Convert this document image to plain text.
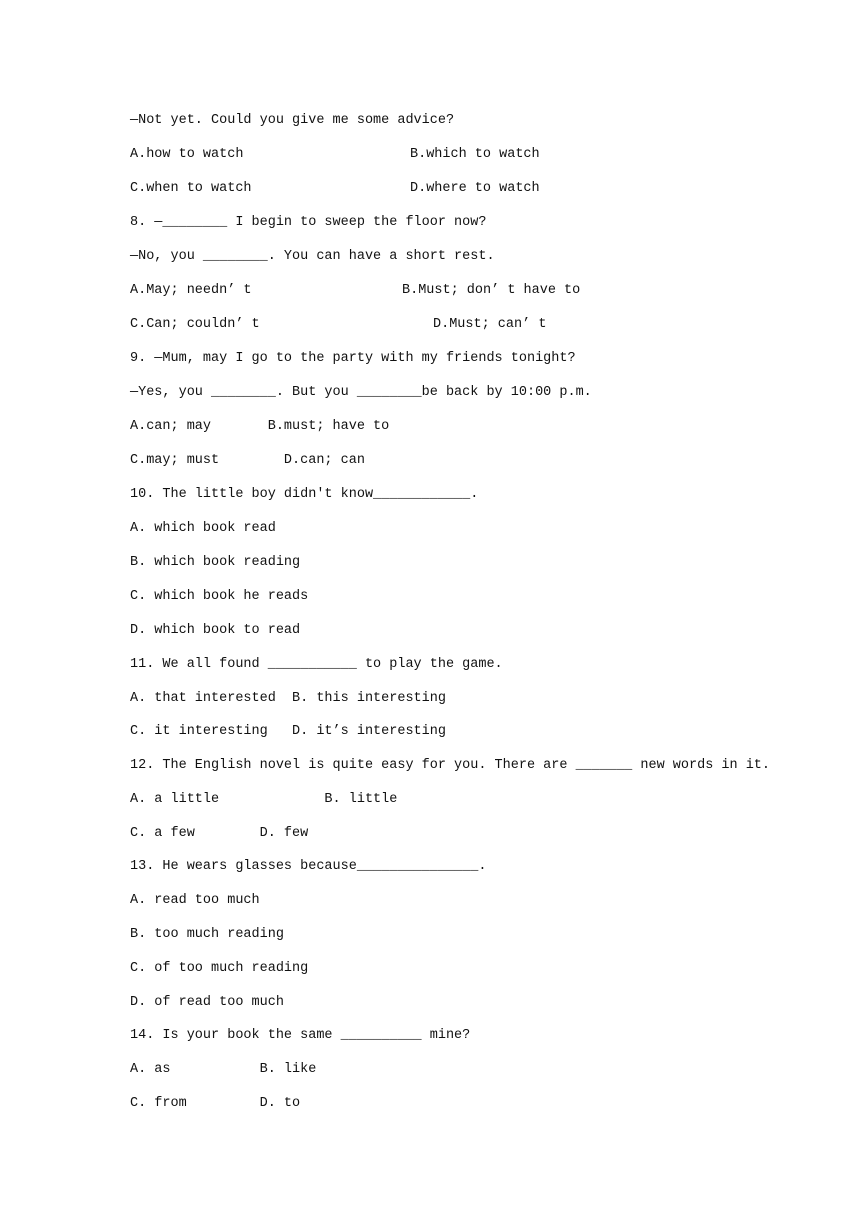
—Not yet. Could you give me some advice?
A.how to watch	B.which to watch
C.when to watch	D.where to watch
8. —________ I begin to sweep the floor now?
—No, you ________. You can have a short rest.
A.May; needn’ t	B.Must; don’ t have to
C.Can; couldn’ t	D.Must; can’ t
9. —Mum, may I go to the party with my friends tonight?
—Yes, you ________. But you ________be back by 10:00 p.m.
A.can; may       B.must; have to
C.may; must        D.can; can
10. The little boy didn't know____________.
A. which book read
B. which book reading
C. which book he reads
D. which book to read
11. We all found ___________ to play the game.
A. that interested  B. this interesting
C. it interesting   D. it’s interesting
12. The English novel is quite easy for you. There are _______ new words in it.
A. a little             B. little
C. a few        D. few
13. He wears glasses because_______________.
A. read too much
B. too much reading
C. of too much reading
D. of read too much
14. Is your book the same __________ mine?
A. as           B. like
C. from         D. to
